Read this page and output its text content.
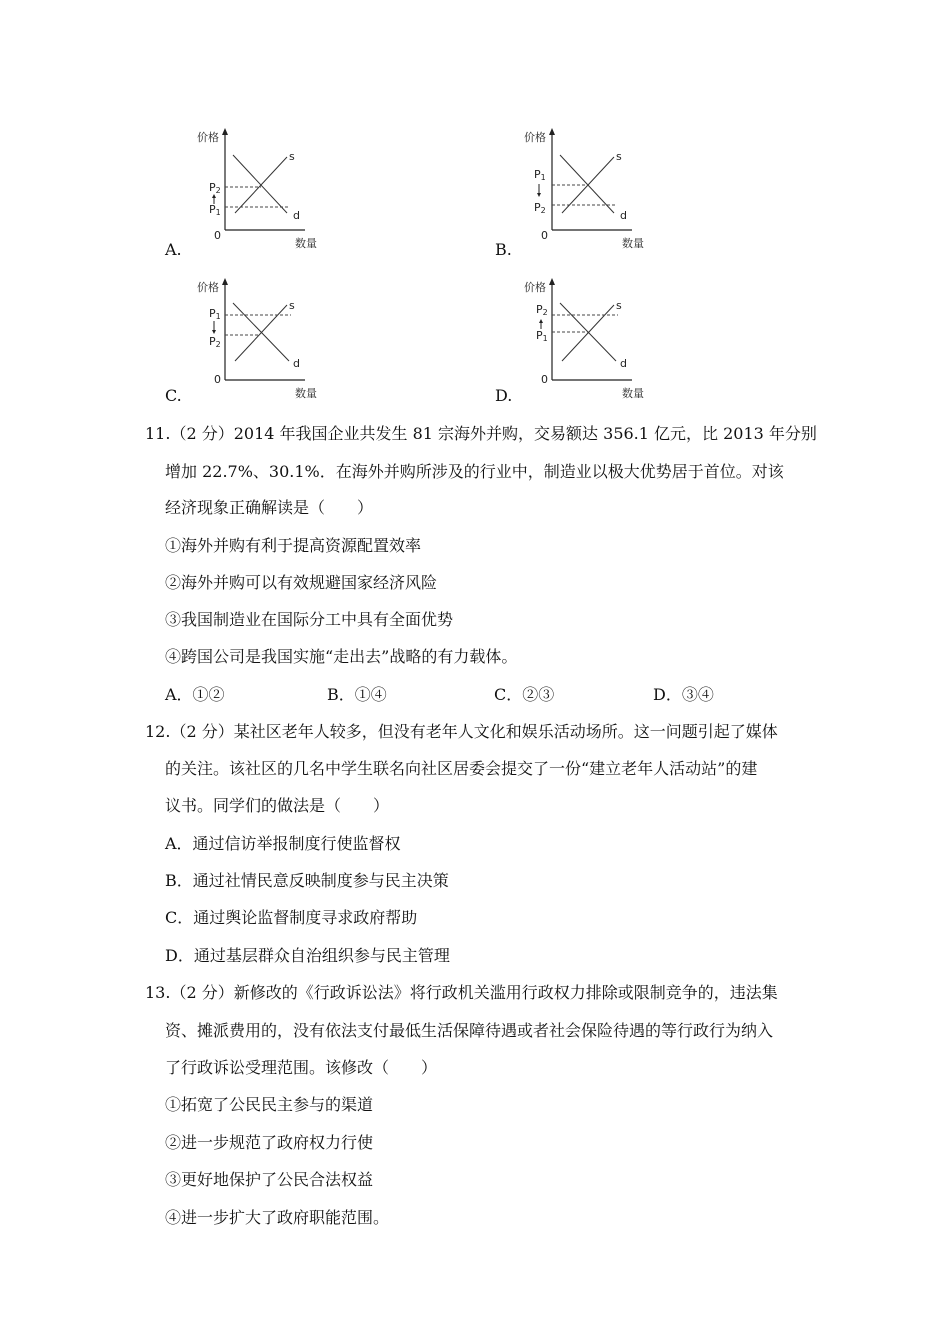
价格
数量
0
s
d
P2
P1
A.
价格
数量
0
s
d
P1
P2
B.
价格
数量
0
s
d
P1
P2
C.
价格
数量
0
s
d
P2
P1
D.
11.（2 分）2014 年我国企业共发生 81 宗海外并购，交易额达 356.1 亿元，比 2013 年分别
增加 22.7%、30.1%．在海外并购所涉及的行业中，制造业以极大优势居于首位。对该
经济现象正确解读是（　　）
①海外并购有利于提高资源配置效率
②海外并购可以有效规避国家经济风险
③我国制造业在国际分工中具有全面优势
④跨国公司是我国实施“走出去”战略的有力载体。
A．①②	B．①④	C．②③	D．③④
12.（2 分）某社区老年人较多，但没有老年人文化和娱乐活动场所。这一问题引起了媒体
的关注。该社区的几名中学生联名向社区居委会提交了一份“建立老年人活动站”的建
议书。同学们的做法是（　　）
A．通过信访举报制度行使监督权
B．通过社情民意反映制度参与民主决策
C．通过舆论监督制度寻求政府帮助
D．通过基层群众自治组织参与民主管理
13.（2 分）新修改的《行政诉讼法》将行政机关滥用行政权力排除或限制竞争的，违法集
资、摊派费用的，没有依法支付最低生活保障待遇或者社会保险待遇的等行政行为纳入
了行政诉讼受理范围。该修改（　　）
①拓宽了公民民主参与的渠道
②进一步规范了政府权力行使
③更好地保护了公民合法权益
④进一步扩大了政府职能范围。
